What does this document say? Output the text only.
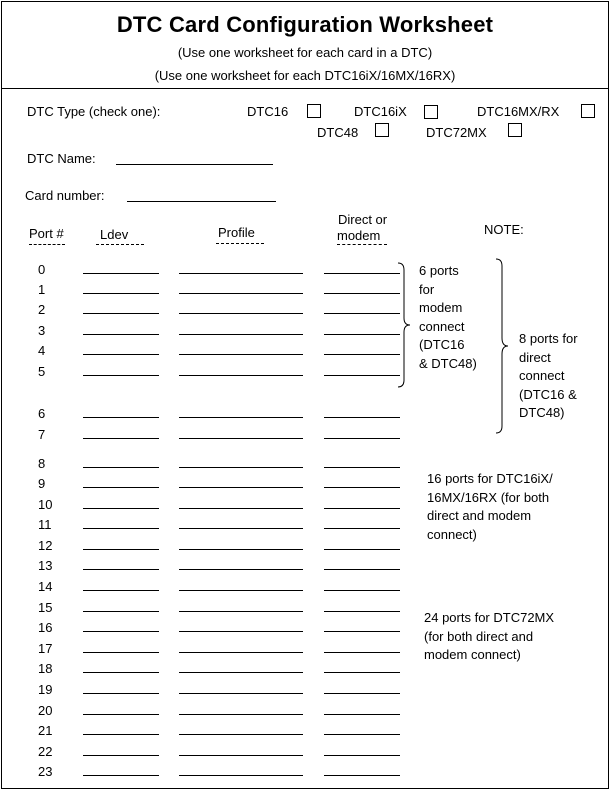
DTC Card Configuration Worksheet
(Use one worksheet for each card in a DTC)
(Use one worksheet for each DTC16iX/16MX/16RX)
DTC Type (check one):	DTC16	DTC16iX	DTC16MX/RX
DTC48	DTC72MX
DTC Name:
Card number:
Port #	Ldev	Profile
Direct or
modem	NOTE:
0
1
2
3
4
5
6
7
8
9
10
11
12
13
14
15
16
17
18
19
20
21
22
23
6 ports
for
modem
connect
(DTC16
& DTC48)
8 ports for
direct
connect
(DTC16 &
DTC48)
16 ports for DTC16iX/
16MX/16RX (for both
direct and modem
connect)
24 ports for DTC72MX
(for both direct and
modem connect)
